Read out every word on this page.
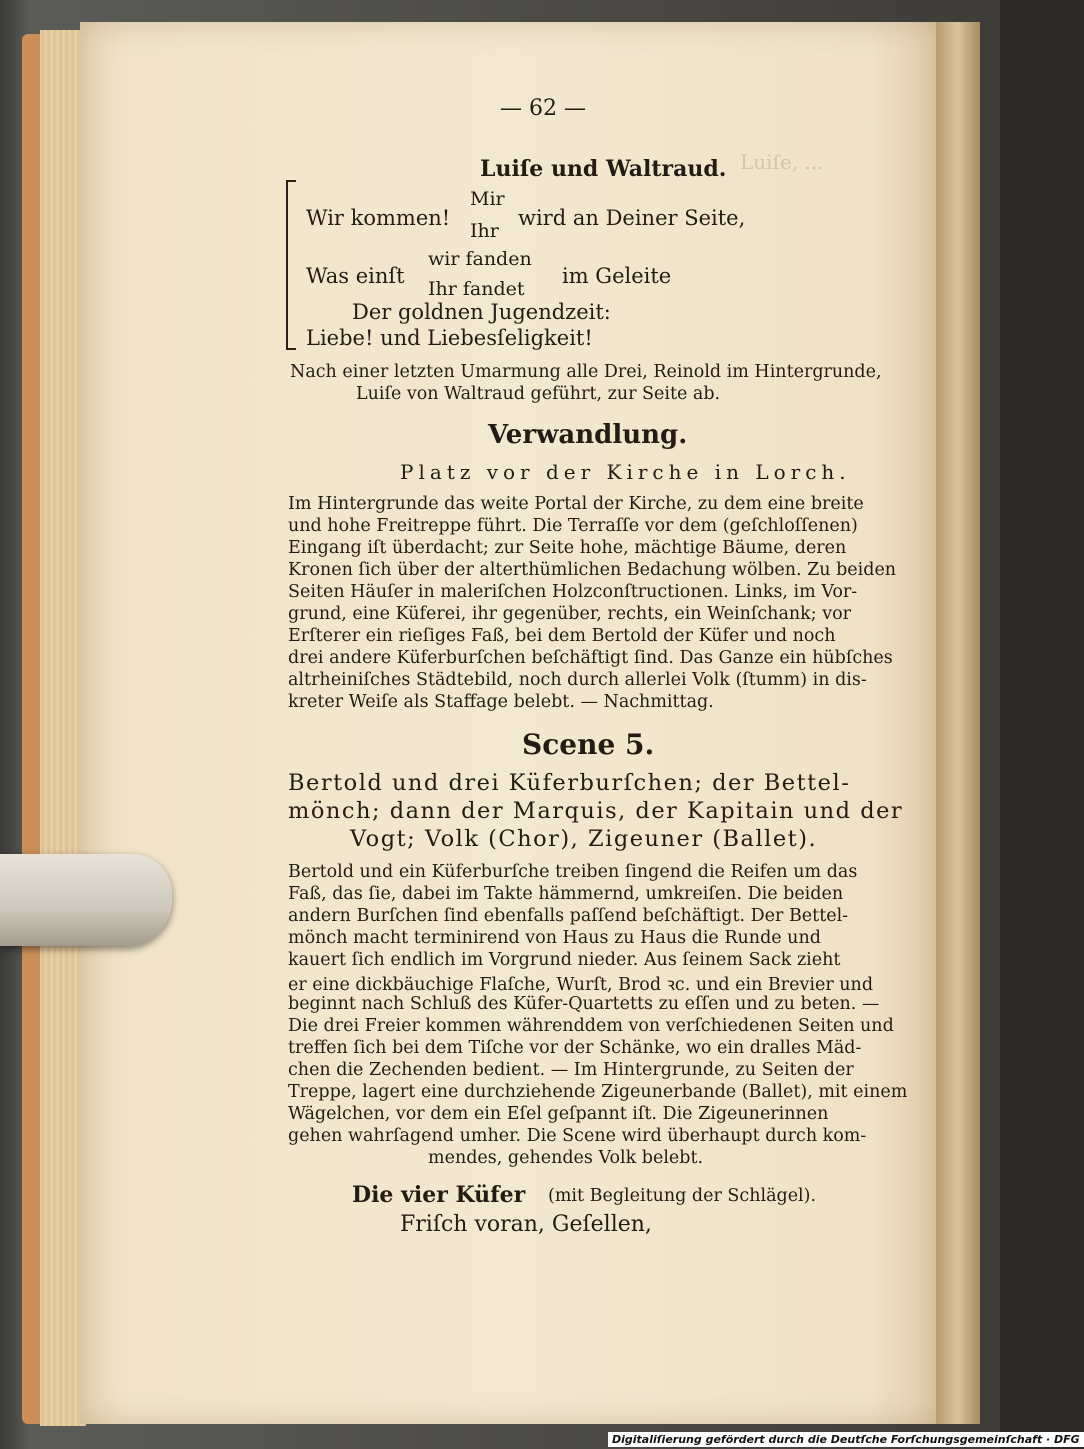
Luiſe, ...
— 62 —
Luiſe und Waltraud.
Wir kommen!
Mir
Ihr
wird an Deiner Seite,
Was einſt
wir fanden
Ihr fandet
im Geleite
Der goldnen Jugendzeit:
Liebe! und Liebesſeligkeit!
Nach einer letzten Umarmung alle Drei, Reinold im Hintergrunde,
Luiſe von Waltraud geführt, zur Seite ab.
Verwandlung.
Platz vor der Kirche in Lorch.
Im Hintergrunde das weite Portal der Kirche, zu dem eine breite
und hohe Freitreppe führt. Die Terraſſe vor dem (geſchloſſenen)
Eingang iſt überdacht; zur Seite hohe, mächtige Bäume, deren
Kronen ſich über der alterthümlichen Bedachung wölben. Zu beiden
Seiten Häuſer in maleriſchen Holzconſtructionen. Links, im Vor-
grund, eine Küferei, ihr gegenüber, rechts, ein Weinſchank; vor
Erſterer ein rieſiges Faß, bei dem Bertold der Küfer und noch
drei andere Küferburſchen beſchäftigt ſind. Das Ganze ein hübſches
altrheiniſches Städtebild, noch durch allerlei Volk (ſtumm) in dis-
kreter Weiſe als Staffage belebt. — Nachmittag.
Scene 5.
Bertold und drei Küferburſchen; der Bettel-
mönch; dann der Marquis, der Kapitain und der
Vogt; Volk (Chor), Zigeuner (Ballet).
Bertold und ein Küferburſche treiben ſingend die Reifen um das
Faß, das ſie, dabei im Takte hämmernd, umkreiſen. Die beiden
andern Burſchen ſind ebenfalls paſſend beſchäftigt. Der Bettel-
mönch macht terminirend von Haus zu Haus die Runde und
kauert ſich endlich im Vorgrund nieder. Aus ſeinem Sack zieht
er eine dickbäuchige Flaſche, Wurſt, Brod ꝛc. und ein Brevier und
beginnt nach Schluß des Küfer-Quartetts zu eſſen und zu beten. —
Die drei Freier kommen währenddem von verſchiedenen Seiten und
treffen ſich bei dem Tiſche vor der Schänke, wo ein dralles Mäd-
chen die Zechenden bedient. — Im Hintergrunde, zu Seiten der
Treppe, lagert eine durchziehende Zigeunerbande (Ballet), mit einem
Wägelchen, vor dem ein Eſel geſpannt iſt. Die Zigeunerinnen
gehen wahrſagend umher. Die Scene wird überhaupt durch kom-
mendes, gehendes Volk belebt.
Die vier Küfer (mit Begleitung der Schlägel).
Friſch voran, Geſellen,
Digitaliſierung gefördert durch die Deutſche Forſchungsgemeinſchaft · DFG
